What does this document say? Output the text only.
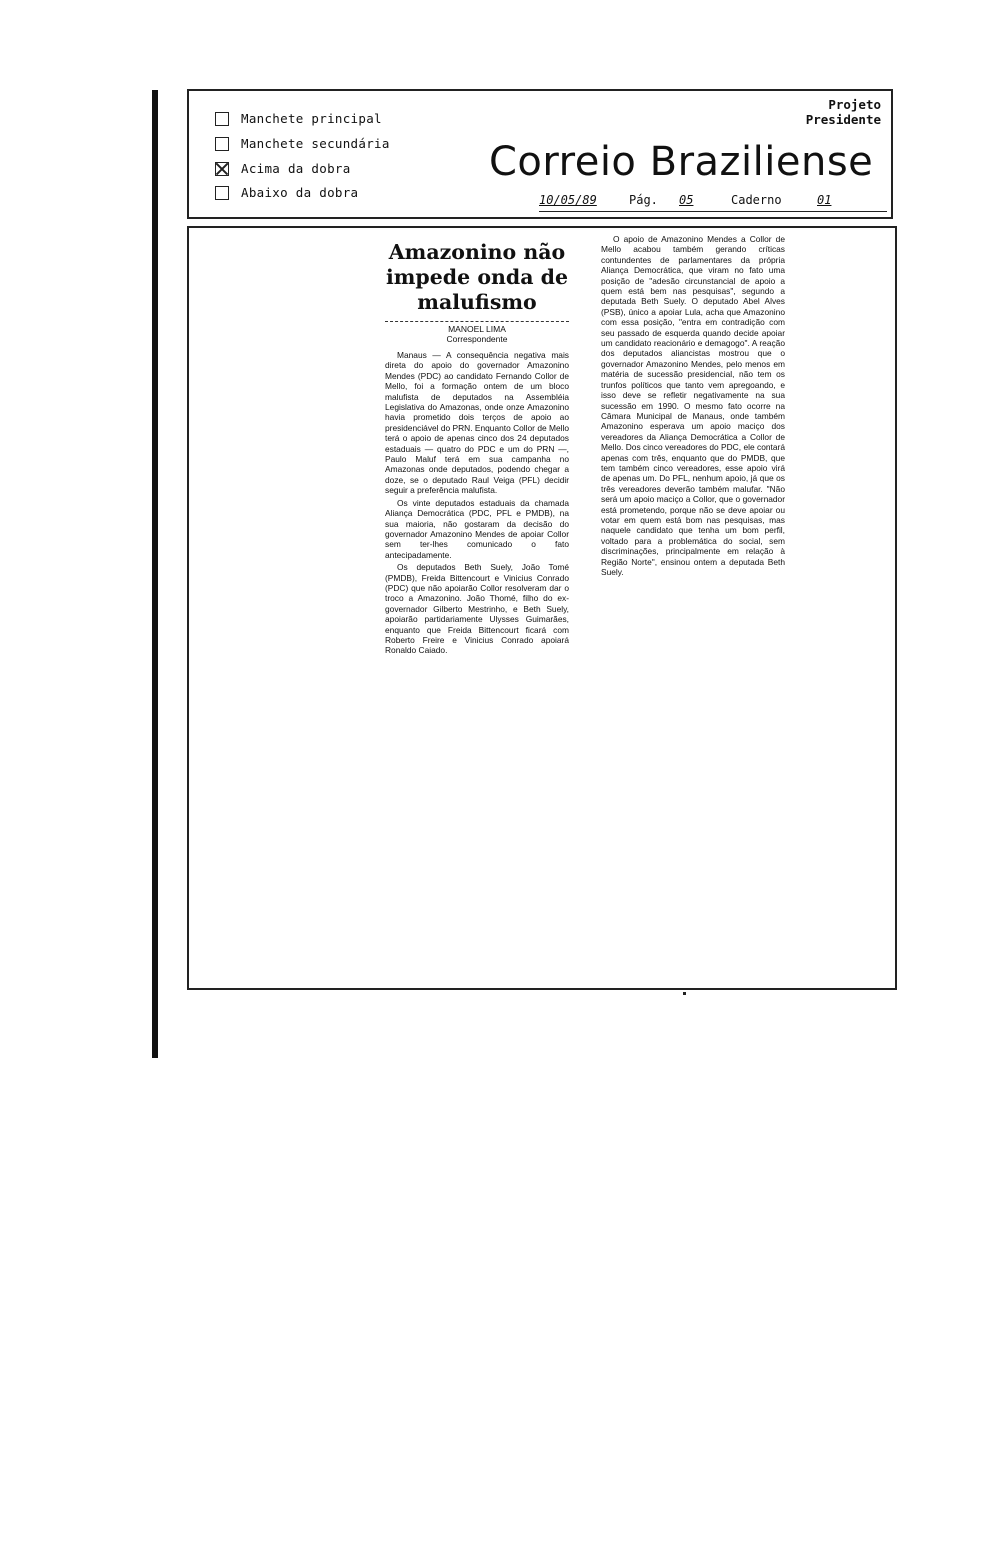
Manchete principal
Manchete secundária
Acima da dobra
Abaixo da dobra
Projeto
Presidente
Correio Braziliense
10/05/89	Pág. 05	Caderno	01
Amazonino não impede onda de malufismo
MANOEL LIMA
Correspondente

Manaus — A consequência negativa mais direta do apoio do governador Amazonino Mendes (PDC) ao candidato Fernando Collor de Mello, foi a formação ontem de um bloco malufista de deputados na Assembléia Legislativa do Amazonas, onde onze Amazonino havia prometido dois terços de apoio ao presidenciável do PRN. Enquanto Collor de Mello terá o apoio de apenas cinco dos 24 deputados estaduais — quatro do PDC e um do PRN —, Paulo Maluf terá em sua campanha no Amazonas onde deputados, podendo chegar a doze, se o deputado Raul Veiga (PFL) decidir seguir a preferência malufista.

Os vinte deputados estaduais da chamada Aliança Democrática (PDC, PFL e PMDB), na sua maioria, não gostaram da decisão do governador Amazonino Mendes de apoiar Collor sem ter-lhes comunicado o fato antecipadamente.

Os deputados Beth Suely, João Tomé (PMDB), Freida Bittencourt e Vinicius Conrado (PDC) que não apoiarão Collor resolveram dar o troco a Amazonino. João Thomé, filho do ex-governador Gilberto Mestrinho, e Beth Suely, apoiarão partidariamente Ulysses Guimarães, enquanto que Freida Bittencourt ficará com Roberto Freire e Vinicius Conrado apoiará Ronaldo Caiado.

O apoio de Amazonino Mendes a Collor de Mello acabou também gerando críticas contundentes de parlamentares da própria Aliança Democrática, que viram no fato uma posição de "adesão circunstancial de apoio a quem está bem nas pesquisas", segundo a deputada Beth Suely. O deputado Abel Alves (PSB), único a apoiar Lula, acha que Amazonino com essa posição, "entra em contradição com seu passado de esquerda quando decide apoiar um candidato reacionário e demagogo". A reação dos deputados aliancistas mostrou que o governador Amazonino Mendes, pelo menos em matéria de sucessão presidencial, não tem os trunfos políticos que tanto vem apregoando, e isso deve se refletir negativamente na sua sucessão em 1990. O mesmo fato ocorre na Câmara Municipal de Manaus, onde também Amazonino esperava um apoio maciço dos vereadores da Aliança Democrática a Collor de Mello. Dos cinco vereadores do PDC, ele contará apenas com três, enquanto que do PMDB, que tem também cinco vereadores, esse apoio virá de apenas um. Do PFL, nenhum apoio, já que os três vereadores deverão também malufar. "Não será um apoio maciço a Collor, que o governador está prometendo, porque não se deve apoiar ou votar em quem está bom nas pesquisas, mas naquele candidato que tenha um bom perfil, voltado para a problemática do social, sem discriminações, principalmente em relação à Região Norte", ensinou ontem a deputada Beth Suely.
